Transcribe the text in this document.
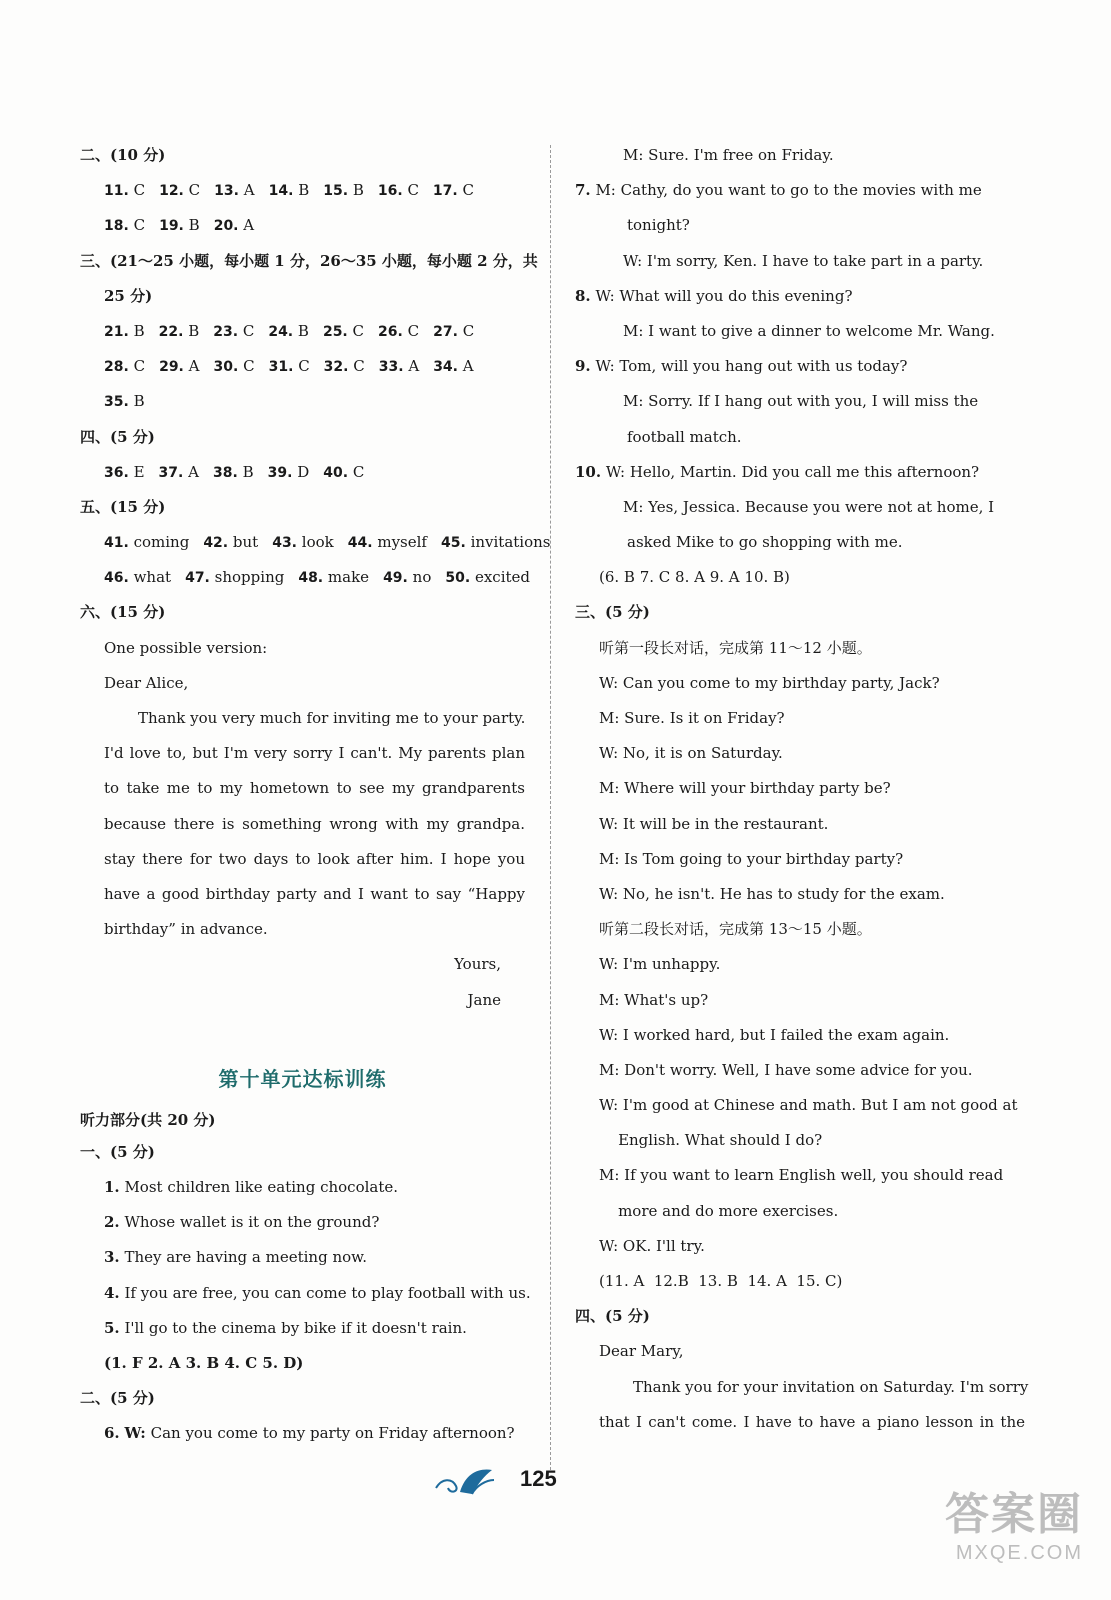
二、(10 分)
11. C 12. C 13. A 14. B 15. B 16. C 17. C
18. C 19. B 20. A
三、(21～25 小题，每小题 1 分，26～35 小题，每小题 2 分，共
25 分)
21. B 22. B 23. C 24. B 25. C 26. C 27. C
28. C 29. A 30. C 31. C 32. C 33. A 34. A
35. B
四、(5 分)
36. E 37. A 38. B 39. D 40. C
五、(15 分)
41. coming 42. but 43. look 44. myself 45. invitations
46. what 47. shopping 48. make 49. no 50. excited
六、(15 分)
One possible version:
Dear Alice,
Thank you very much for inviting me to your party.
I'd love to, but I'm very sorry I can't. My parents plan
to take me to my hometown to see my grandparents
because there is something wrong with my grandpa.
stay there for two days to look after him. I hope you
have a good birthday party and I want to say “Happy
birthday” in advance.
Yours,
Jane
第十单元达标训练
听力部分(共 20 分)
一、(5 分)
1. Most children like eating chocolate.
2. Whose wallet is it on the ground?
3. They are having a meeting now.
4. If you are free, you can come to play football with us.
5. I'll go to the cinema by bike if it doesn't rain.
(1. F 2. A 3. B 4. C 5. D)
二、(5 分)
6. W: Can you come to my party on Friday afternoon?
M: Sure. I'm free on Friday.
7. M: Cathy, do you want to go to the movies with me
tonight?
W: I'm sorry, Ken. I have to take part in a party.
8. W: What will you do this evening?
M: I want to give a dinner to welcome Mr. Wang.
9. W: Tom, will you hang out with us today?
M: Sorry. If I hang out with you, I will miss the
football match.
10. W: Hello, Martin. Did you call me this afternoon?
M: Yes, Jessica. Because you were not at home, I
asked Mike to go shopping with me.
(6. B 7. C 8. A 9. A 10. B)
三、(5 分)
听第一段长对话，完成第 11～12 小题。
W: Can you come to my birthday party, Jack?
M: Sure. Is it on Friday?
W: No, it is on Saturday.
M: Where will your birthday party be?
W: It will be in the restaurant.
M: Is Tom going to your birthday party?
W: No, he isn't. He has to study for the exam.
听第二段长对话，完成第 13～15 小题。
W: I'm unhappy.
M: What's up?
W: I worked hard, but I failed the exam again.
M: Don't worry. Well, I have some advice for you.
W: I'm good at Chinese and math. But I am not good at
English. What should I do?
M: If you want to learn English well, you should read
more and do more exercises.
W: OK. I'll try.
(11. A  12.B  13. B  14. A  15. C)
四、(5 分)
Dear Mary,
Thank you for your invitation on Saturday. I'm sorry
that I can't come. I have to have a piano lesson in the
125
答案圈
MXQE.COM
